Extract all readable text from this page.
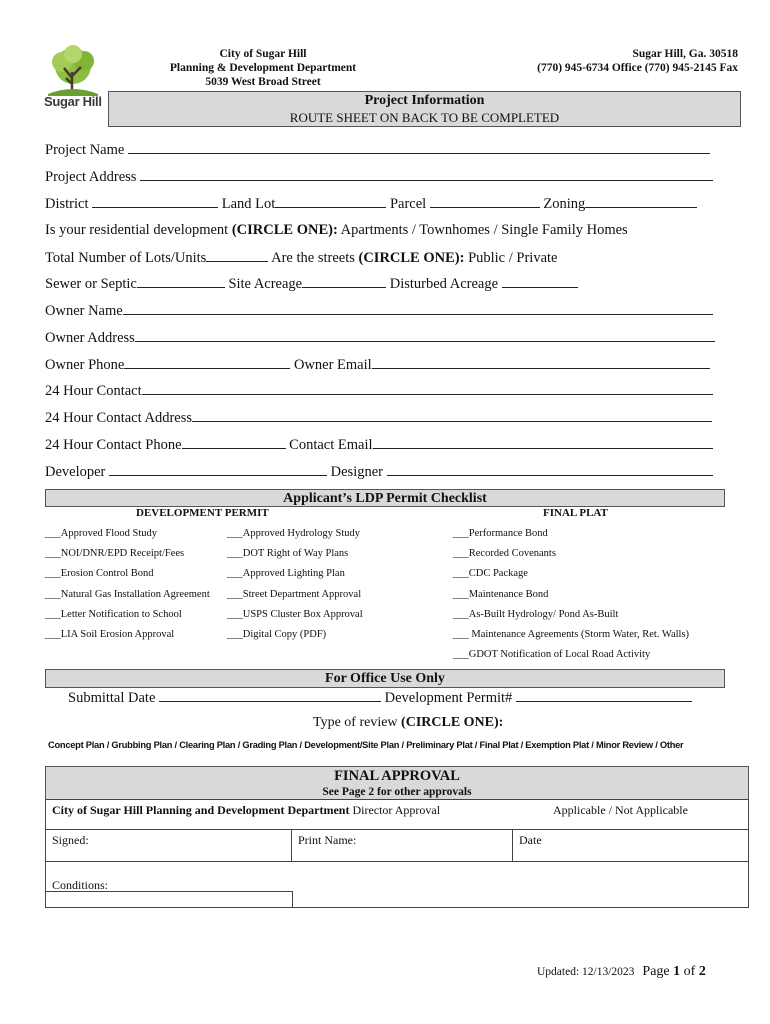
Sugar Hill
City of Sugar Hill
Planning & Development Department
5039 West Broad Street
Sugar Hill, Ga. 30518
(770) 945-6734 Office (770) 945-2145 Fax
Project Information
ROUTE SHEET ON BACK TO BE COMPLETED
Project Name
Project Address
District	Land Lot	Parcel	Zoning
Is your residential development (CIRCLE ONE): Apartments / Townhomes / Single Family Homes
Total Number of Lots/Units	Are the streets (CIRCLE ONE): Public / Private
Sewer or Septic	Site Acreage	Disturbed Acreage
Owner Name
Owner Address
Owner Phone	Owner Email
24 Hour Contact
24 Hour Contact Address
24 Hour Contact Phone	Contact Email
Developer	Designer
Applicant’s LDP Permit Checklist
DEVELOPMENT PERMIT	FINAL PLAT
___Approved Flood Study
___NOI/DNR/EPD Receipt/Fees
___Erosion Control Bond
___Natural Gas Installation Agreement
___Letter Notification to School
___LIA Soil Erosion Approval
___Approved Hydrology Study
___DOT Right of Way Plans
___Approved Lighting Plan
___Street Department Approval
___USPS Cluster Box Approval
___Digital Copy (PDF)
___Performance Bond
___Recorded Covenants
___CDC Package
___Maintenance Bond
___As-Built Hydrology/ Pond As-Built
___ Maintenance Agreements (Storm Water, Ret. Walls)
___GDOT Notification of Local Road Activity
For Office Use Only
Submittal Date	Development Permit#
Type of review (CIRCLE ONE):
Concept Plan / Grubbing Plan / Clearing Plan / Grading Plan / Development/Site Plan / Preliminary Plat / Final Plat / Exemption Plat / Minor Review / Other
FINAL APPROVAL
See Page 2 for other approvals
City of Sugar Hill Planning and Development Department Director Approval	Applicable / Not Applicable
Signed:	Print Name:	Date
Conditions:
Updated: 12/13/2023 Page 1 of 2
